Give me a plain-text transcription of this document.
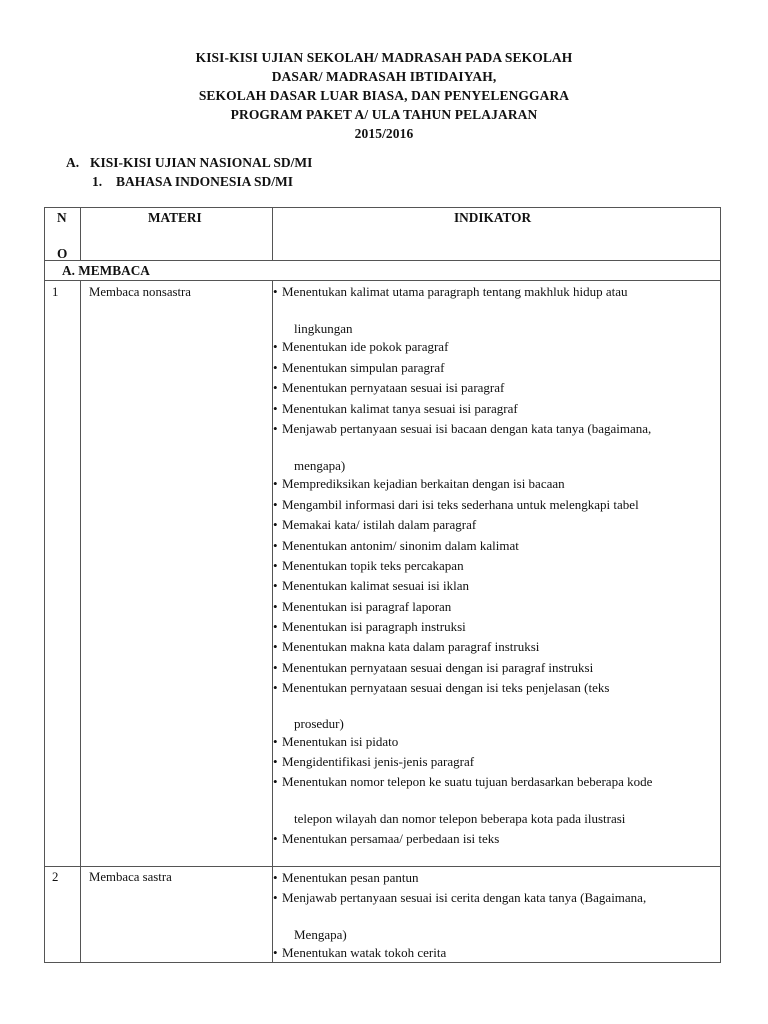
KISI-KISI UJIAN SEKOLAH/ MADRASAH PADA SEKOLAH
DASAR/ MADRASAH IBTIDAIYAH,
SEKOLAH DASAR LUAR BIASA, DAN PENYELENGGARA
PROGRAM PAKET A/ ULA TAHUN PELAJARAN
2015/2016
A. KISI-KISI UJIAN NASIONAL SD/MI
1. BAHASA INDONESIA SD/MI
N
O
MATERI	INDIKATOR
A. MEMBACA
1 Membaca nonsastra	• Menentukan kalimat utama paragraph tentang makhluk hidup atau
lingkungan
• Menentukan ide pokok paragraf
• Menentukan simpulan paragraf
• Menentukan pernyataan sesuai isi paragraf
• Menentukan kalimat tanya sesuai isi paragraf
• Menjawab pertanyaan sesuai isi bacaan dengan kata tanya (bagaimana,
mengapa)
• Memprediksikan kejadian berkaitan dengan isi bacaan
• Mengambil informasi dari isi teks sederhana untuk melengkapi tabel
• Memakai kata/ istilah dalam paragraf
• Menentukan antonim/ sinonim dalam kalimat
• Menentukan topik teks percakapan
• Menentukan kalimat sesuai isi iklan
• Menentukan isi paragraf laporan
• Menentukan isi paragraph instruksi
• Menentukan makna kata dalam paragraf instruksi
• Menentukan pernyataan sesuai dengan isi paragraf instruksi
• Menentukan pernyataan sesuai dengan isi teks penjelasan (teks
prosedur)
• Menentukan isi pidato
• Mengidentifikasi jenis-jenis paragraf
• Menentukan nomor telepon ke suatu tujuan berdasarkan beberapa kode
telepon wilayah dan nomor telepon beberapa kota pada ilustrasi
• Menentukan persamaa/ perbedaan isi teks
2 Membaca sastra	• Menentukan pesan pantun
• Menjawab pertanyaan sesuai isi cerita dengan kata tanya (Bagaimana,
Mengapa)
• Menentukan watak tokoh cerita
